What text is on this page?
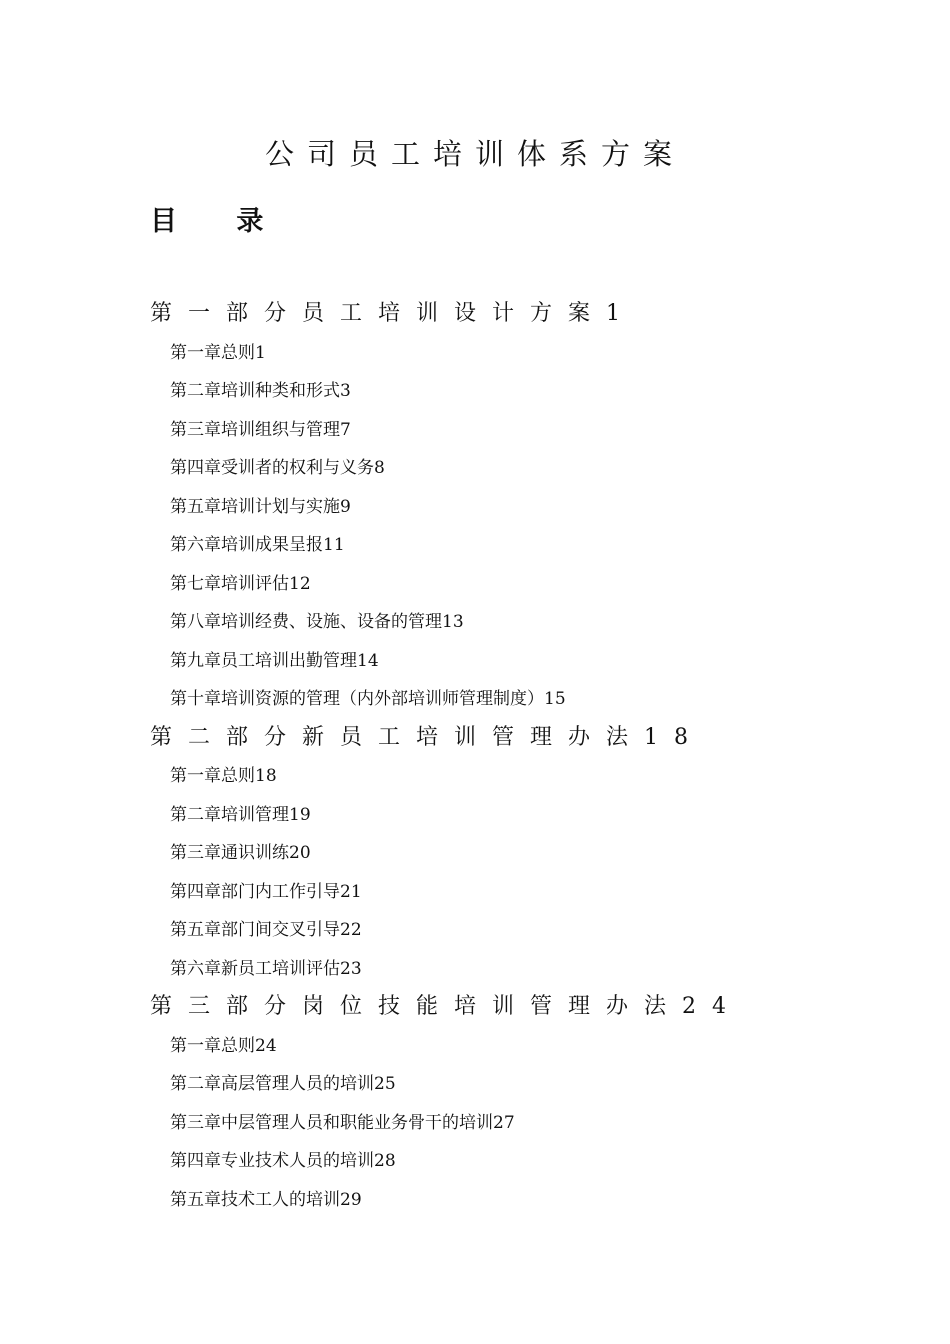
公司员工培训体系方案
目 录
第一部分员工培训设计方案1
第一章总则1
第二章培训种类和形式3
第三章培训组织与管理7
第四章受训者的权利与义务8
第五章培训计划与实施9
第六章培训成果呈报11
第七章培训评估12
第八章培训经费、设施、设备的管理13
第九章员工培训出勤管理14
第十章培训资源的管理（内外部培训师管理制度）15
第二部分新员工培训管理办法18
第一章总则18
第二章培训管理19
第三章通识训练20
第四章部门内工作引导21
第五章部门间交叉引导22
第六章新员工培训评估23
第三部分岗位技能培训管理办法24
第一章总则24
第二章高层管理人员的培训25
第三章中层管理人员和职能业务骨干的培训27
第四章专业技术人员的培训28
第五章技术工人的培训29
